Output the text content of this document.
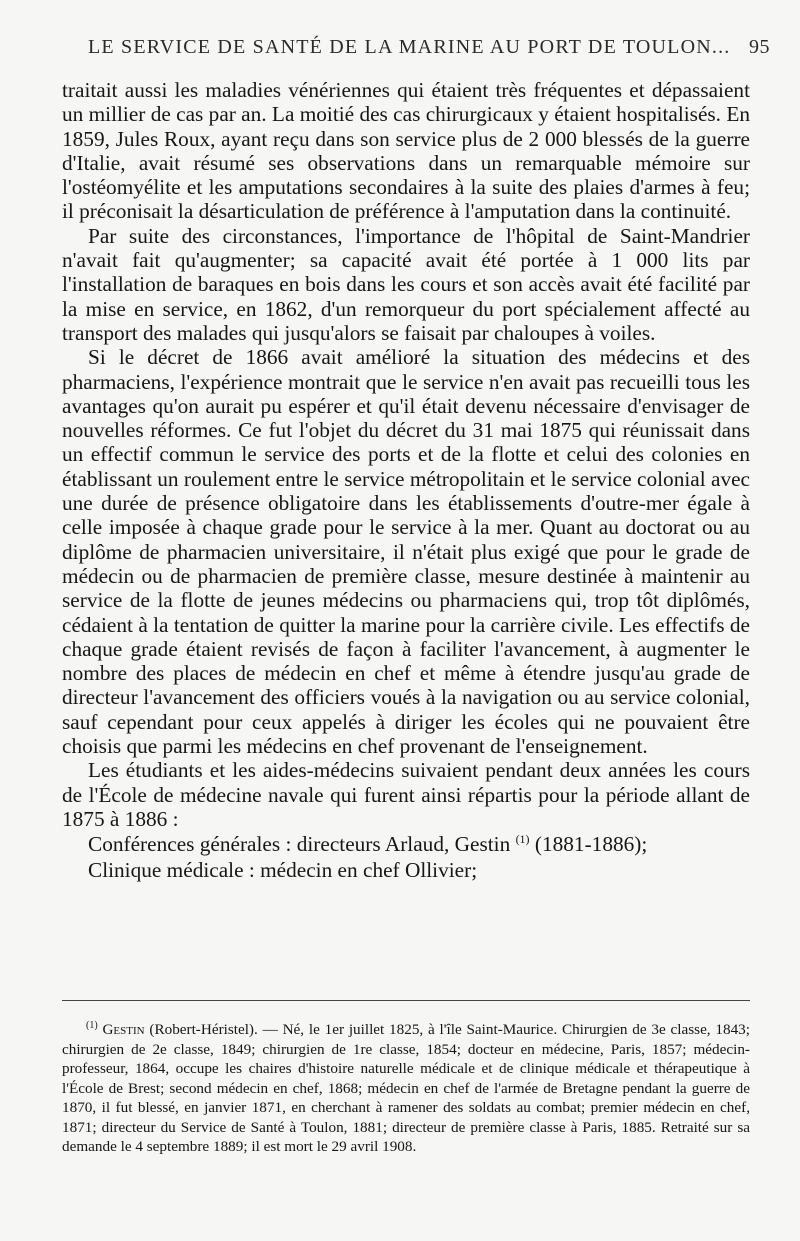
LE SERVICE DE SANTÉ DE LA MARINE AU PORT DE TOULON... 95

traitait aussi les maladies vénériennes qui étaient très fréquentes et dépassaient un millier de cas par an. La moitié des cas chirurgicaux y étaient hospitalisés. En 1859, Jules Roux, ayant reçu dans son service plus de 2 000 blessés de la guerre d'Italie, avait résumé ses observations dans un remarquable mémoire sur l'ostéomyélite et les amputations secondaires à la suite des plaies d'armes à feu; il préconisait la désarticulation de préférence à l'amputation dans la continuité.

Par suite des circonstances, l'importance de l'hôpital de Saint-Mandrier n'avait fait qu'augmenter; sa capacité avait été portée à 1 000 lits par l'installation de baraques en bois dans les cours et son accès avait été facilité par la mise en service, en 1862, d'un remorqueur du port spécialement affecté au transport des malades qui jusqu'alors se faisait par chaloupes à voiles.

Si le décret de 1866 avait amélioré la situation des médecins et des pharmaciens, l'expérience montrait que le service n'en avait pas recueilli tous les avantages qu'on aurait pu espérer et qu'il était devenu nécessaire d'envisager de nouvelles réformes. Ce fut l'objet du décret du 31 mai 1875 qui réunissait dans un effectif commun le service des ports et de la flotte et celui des colonies en établissant un roulement entre le service métropolitain et le service colonial avec une durée de présence obligatoire dans les établissements d'outre-mer égale à celle imposée à chaque grade pour le service à la mer. Quant au doctorat ou au diplôme de pharmacien universitaire, il n'était plus exigé que pour le grade de médecin ou de pharmacien de première classe, mesure destinée à maintenir au service de la flotte de jeunes médecins ou pharmaciens qui, trop tôt diplômés, cédaient à la tentation de quitter la marine pour la carrière civile. Les effectifs de chaque grade étaient revisés de façon à faciliter l'avancement, à augmenter le nombre des places de médecin en chef et même à étendre jusqu'au grade de directeur l'avancement des officiers voués à la navigation ou au service colonial, sauf cependant pour ceux appelés à diriger les écoles qui ne pouvaient être choisis que parmi les médecins en chef provenant de l'enseignement.

Les étudiants et les aides-médecins suivaient pendant deux années les cours de l'École de médecine navale qui furent ainsi répartis pour la période allant de 1875 à 1886 :

Conférences générales : directeurs Arlaud, Gestin $^{(1)}$ (1881-1886);
Clinique médicale : médecin en chef Ollivier;
$^{(1)}$ Gestin (Robert-Héristel). — Né, le 1er juillet 1825, à l'île Saint-Maurice. Chirurgien de 3e classe, 1843; chirurgien de 2e classe, 1849; chirurgien de 1re classe, 1854; docteur en médecine, Paris, 1857; médecin-professeur, 1864, occupe les chaires d'histoire naturelle médicale et de clinique médicale et thérapeutique à l'École de Brest; second médecin en chef, 1868; médecin en chef de l'armée de Bretagne pendant la guerre de 1870, il fut blessé, en janvier 1871, en cherchant à ramener des soldats au combat; premier médecin en chef, 1871; directeur du Service de Santé à Toulon, 1881; directeur de première classe à Paris, 1885. Retraité sur sa demande le 4 septembre 1889; il est mort le 29 avril 1908.
